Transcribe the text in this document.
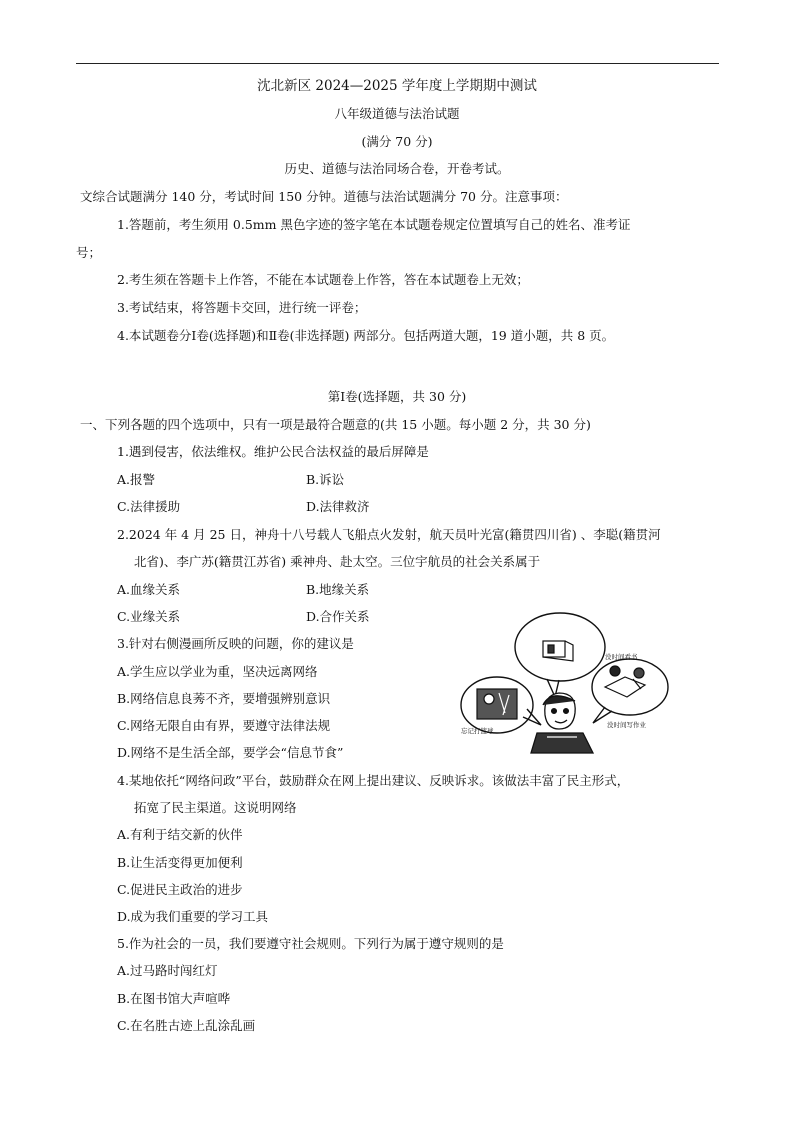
沈北新区 2024—2025 学年度上学期期中测试
八年级道德与法治试题
(满分 70 分)
历史、道德与法治同场合卷，开卷考试。
文综合试题满分 140 分，考试时间 150 分钟。道德与法治试题满分 70 分。注意事项：
1.答题前，考生须用 0.5mm 黑色字迹的签字笔在本试题卷规定位置填写自己的姓名、准考证
号；
2.考生须在答题卡上作答，不能在本试题卷上作答，答在本试题卷上无效；
3.考试结束，将答题卡交回，进行统一评卷；
4.本试题卷分Ⅰ卷(选择题)和Ⅱ卷(非选择题) 两部分。包括两道大题，19 道小题，共 8 页。
第Ⅰ卷(选择题，共 30 分)
一、下列各题的四个选项中，只有一项是最符合题意的(共 15 小题。每小题 2 分，共 30 分)
1.遇到侵害，依法维权。维护公民合法权益的最后屏障是
A.报警	B.诉讼
C.法律援助	D.法律救济
2.2024 年 4 月 25 日，神舟十八号载人飞船点火发射，航天员叶光富(籍贯四川省) 、李聪(籍贯河
北省)、李广苏(籍贯江苏省) 乘神舟、赴太空。三位宇航员的社会关系属于
A.血缘关系	B.地缘关系
C.业缘关系	D.合作关系
3.针对右侧漫画所反映的问题，你的建议是
A.学生应以学业为重，坚决远离网络
B.网络信息良莠不齐，要增强辨别意识
C.网络无限自由有界，要遵守法律法规
D.网络不是生活全部，要学会“信息节食”
没时间看书
没时间写作业
忘记打篮球
4.某地依托“网络问政”平台，鼓励群众在网上提出建议、反映诉求。该做法丰富了民主形式，
拓宽了民主渠道。这说明网络
A.有利于结交新的伙伴
B.让生活变得更加便利
C.促进民主政治的进步
D.成为我们重要的学习工具
5.作为社会的一员，我们要遵守社会规则。下列行为属于遵守规则的是
A.过马路时闯红灯
B.在图书馆大声喧哗
C.在名胜古迹上乱涂乱画
